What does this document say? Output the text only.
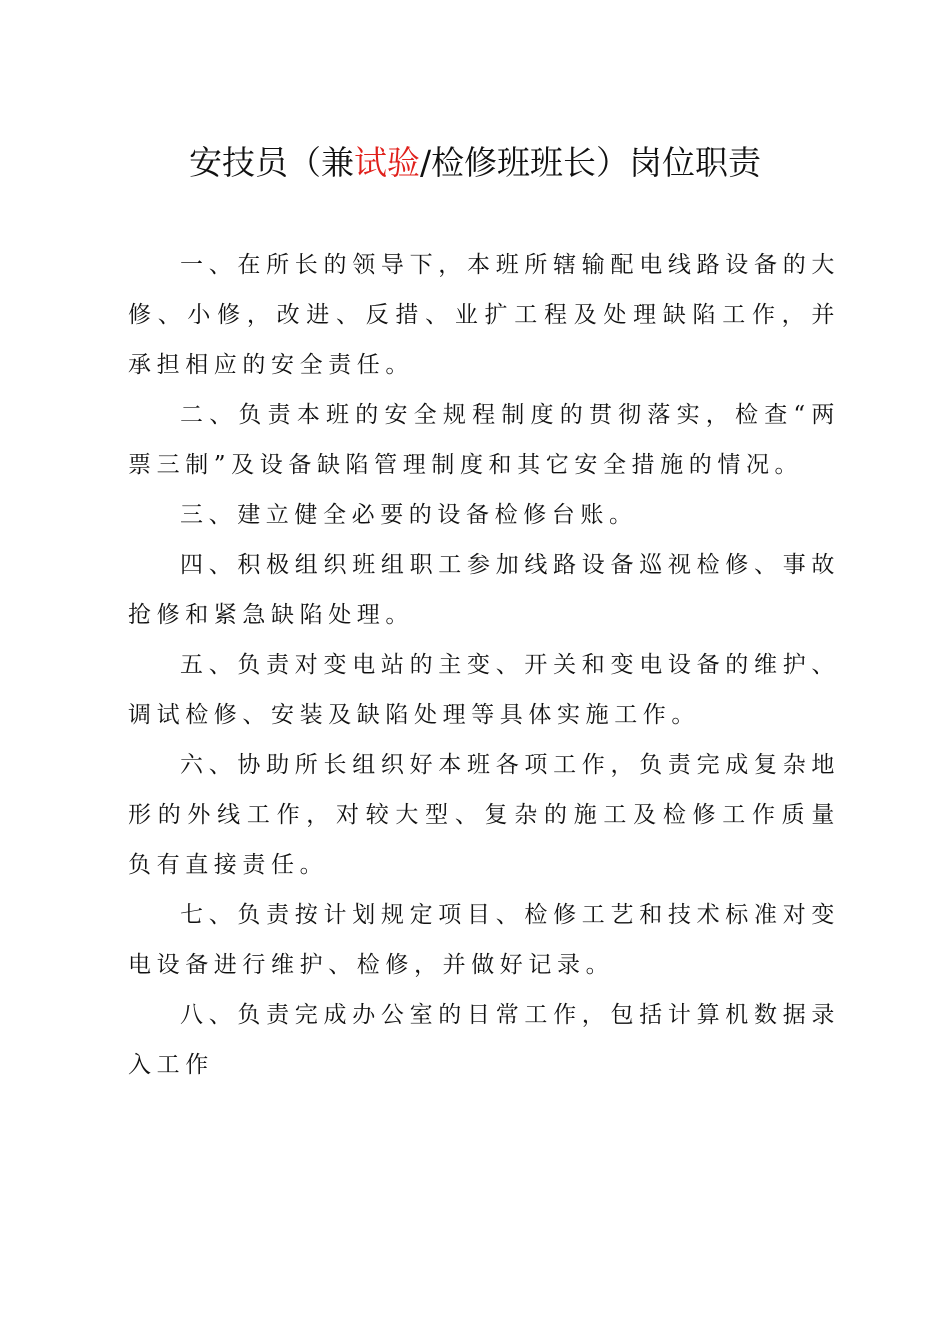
安技员（兼试验/检修班班长）岗位职责

一、在所长的领导下，本班所辖输配电线路设备的大修、小修，改进、反措、业扩工程及处理缺陷工作，并承担相应的安全责任。

二、负责本班的安全规程制度的贯彻落实，检查“两票三制”及设备缺陷管理制度和其它安全措施的情况。

三、建立健全必要的设备检修台账。

四、积极组织班组职工参加线路设备巡视检修、事故抢修和紧急缺陷处理。

五、负责对变电站的主变、开关和变电设备的维护、调试检修、安装及缺陷处理等具体实施工作。

六、协助所长组织好本班各项工作，负责完成复杂地形的外线工作，对较大型、复杂的施工及检修工作质量负有直接责任。

七、负责按计划规定项目、检修工艺和技术标准对变电设备进行维护、检修，并做好记录。

八、负责完成办公室的日常工作，包括计算机数据录入工作
